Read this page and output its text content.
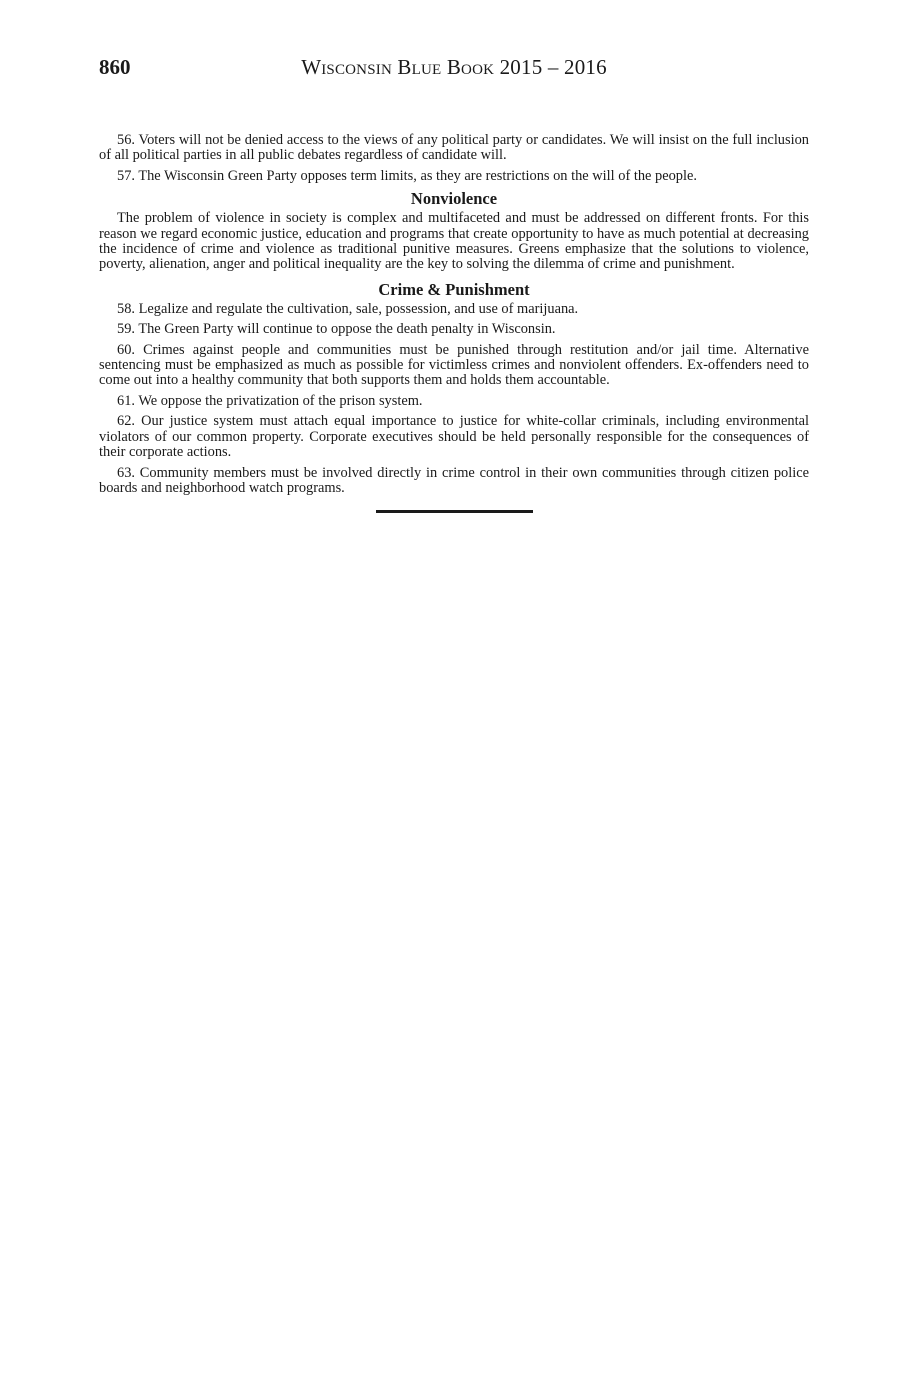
860	Wisconsin Blue Book 2015 – 2016

56. Voters will not be denied access to the views of any political party or candidates. We will insist on the full inclusion of all political parties in all public debates regardless of candidate will.

57. The Wisconsin Green Party opposes term limits, as they are restrictions on the will of the people.

Nonviolence

The problem of violence in society is complex and multifaceted and must be addressed on different fronts. For this reason we regard economic justice, education and programs that create opportunity to have as much potential at decreasing the incidence of crime and violence as traditional punitive measures. Greens emphasize that the solutions to violence, poverty, alienation, anger and political inequality are the key to solving the dilemma of crime and punishment.

Crime & Punishment

58. Legalize and regulate the cultivation, sale, possession, and use of marijuana.

59. The Green Party will continue to oppose the death penalty in Wisconsin.

60. Crimes against people and communities must be punished through restitution and/or jail time. Alternative sentencing must be emphasized as much as possible for victimless crimes and nonviolent offenders. Ex-offenders need to come out into a healthy community that both supports them and holds them accountable.

61. We oppose the privatization of the prison system.

62. Our justice system must attach equal importance to justice for white-collar criminals, including environmental violators of our common property. Corporate executives should be held personally responsible for the consequences of their corporate actions.

63. Community members must be involved directly in crime control in their own communities through citizen police boards and neighborhood watch programs.
